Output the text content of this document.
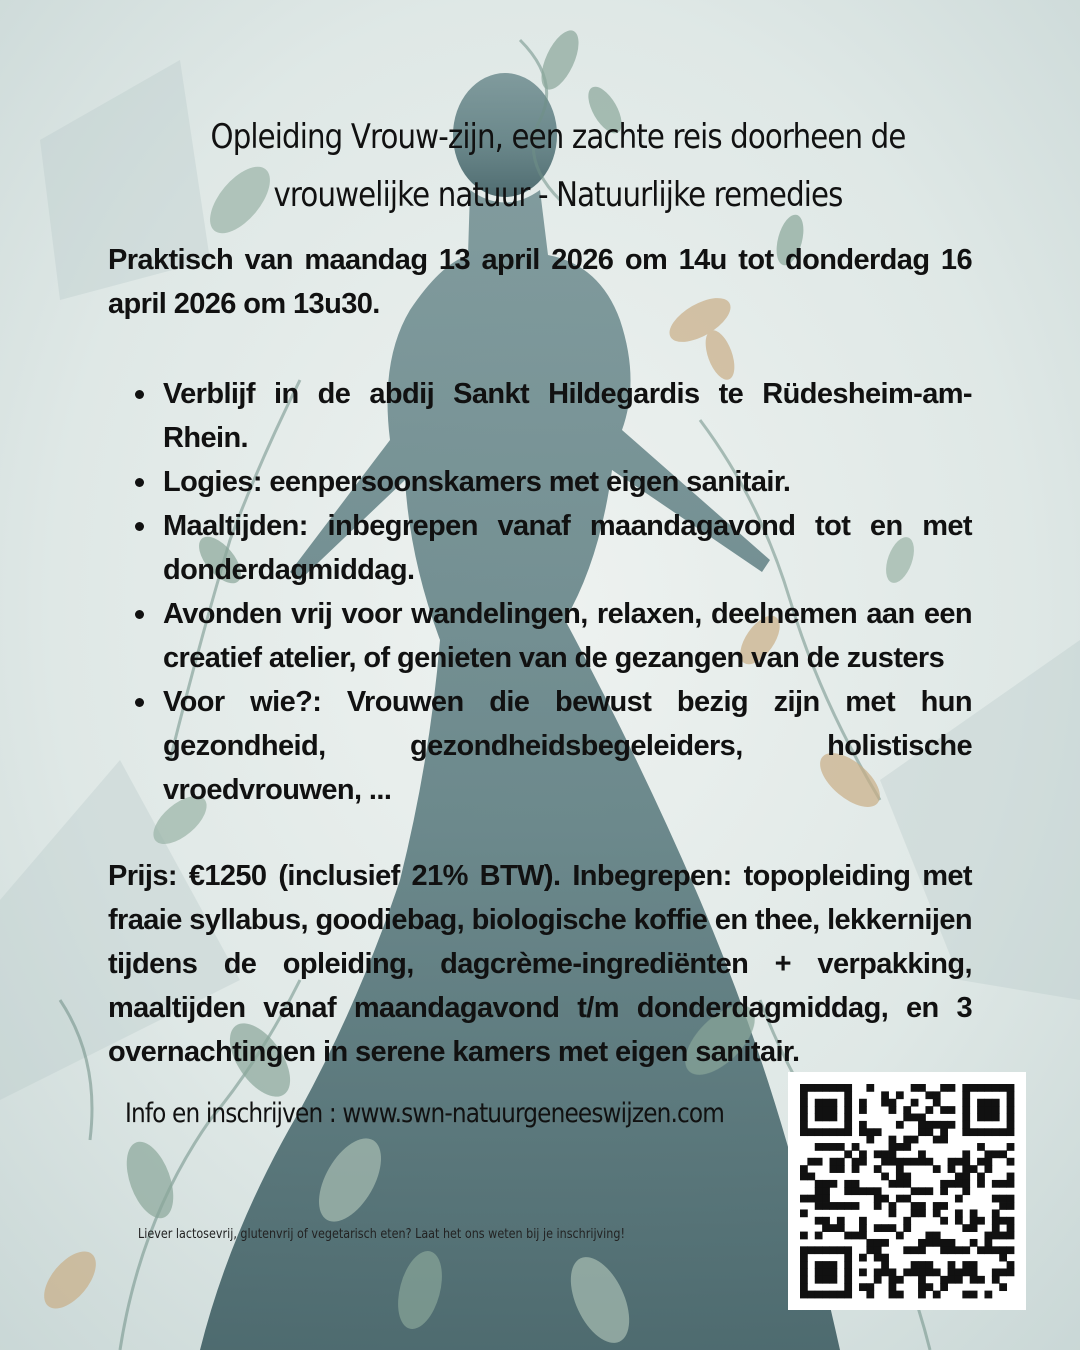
Opleiding Vrouw-zijn, een zachte reis doorheen de vrouwelijke natuur - Natuurlijke remedies

Praktisch van maandag 13 april 2026 om 14u tot donderdag 16 april 2026 om 13u30.

Verblijf in de abdij Sankt Hildegardis te Rüdesheim-am-Rhein.
Logies: eenpersoonskamers met eigen sanitair.
Maaltijden: inbegrepen vanaf maandagavond tot en met donderdagmiddag.
Avonden vrij voor wandelingen, relaxen, deelnemen aan een creatief atelier, of genieten van de gezangen van de zusters
Voor wie?: Vrouwen die bewust bezig zijn met hun gezondheid, gezondheidsbegeleiders, holistische vroedvrouwen, ...

Prijs: €1250 (inclusief 21% BTW). Inbegrepen: topopleiding met fraaie syllabus, goodiebag, biologische koffie en thee, lekkernijen tijdens de opleiding, dagcrème-ingrediënten + verpakking, maaltijden vanaf maandagavond t/m donderdagmiddag, en 3 overnachtingen in serene kamers met eigen sanitair.

Info en inschrijven : www.swn-natuurgeneeswijzen.com

Liever lactosevrij, glutenvrij of vegetarisch eten? Laat het ons weten bij je inschrijving!
